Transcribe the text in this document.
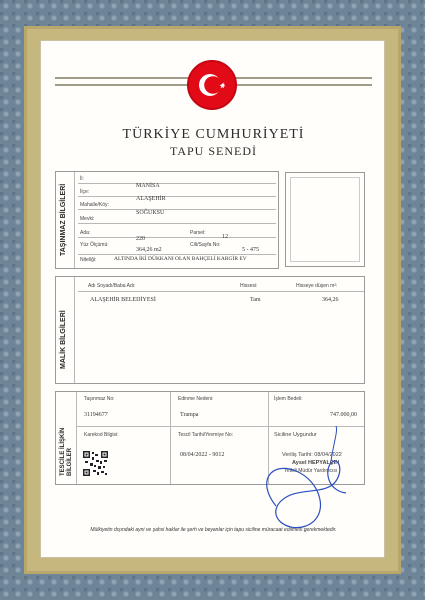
TÜRKİYE CUMHURİYETİ
TAPU SENEDİ
TAŞINMAZ BİLGİLERİ
İl:
MANİSA
İlçe:
ALAŞEHİR
Mahalle/Köy:
SOĞUKSU
Mevki:
Ada:	Parsel:
220	12
Yüz Ölçümü:	Cilt/Sayfa No:
364,26 m2	5 - 475
Niteliği:	ALTINDA İKİ DÜKKANI OLAN BAHÇELİ KARGİR EV
MALİK BİLGİLERİ
Adı Soyadı/Baba Adı:	Hissesi:	Hisseye düşen m²:
ALAŞEHİR BELEDİYESİ	Tam	364,26
TESCİLE İLİŞKİN
BİLGİLER
Taşınmaz No:
31194677
Edinme Nedeni:
Trampa
İşlem Bedeli:
747.000,00
Karekod Bilgisi:	Tescil Tarihi/Yevmiye No:
08/04/2022 - 9012
Siciline Uygundur
Veriliş Tarihi: 08/04/2022
Aysel HEPYALÇIN
Yetkili Müdür Yardımcısı
Mülkiyetin dışındaki ayni ve şahsi haklar ile şerh ve beyanlar için tapu siciline müracaat edilmesi gerekmektedir.
